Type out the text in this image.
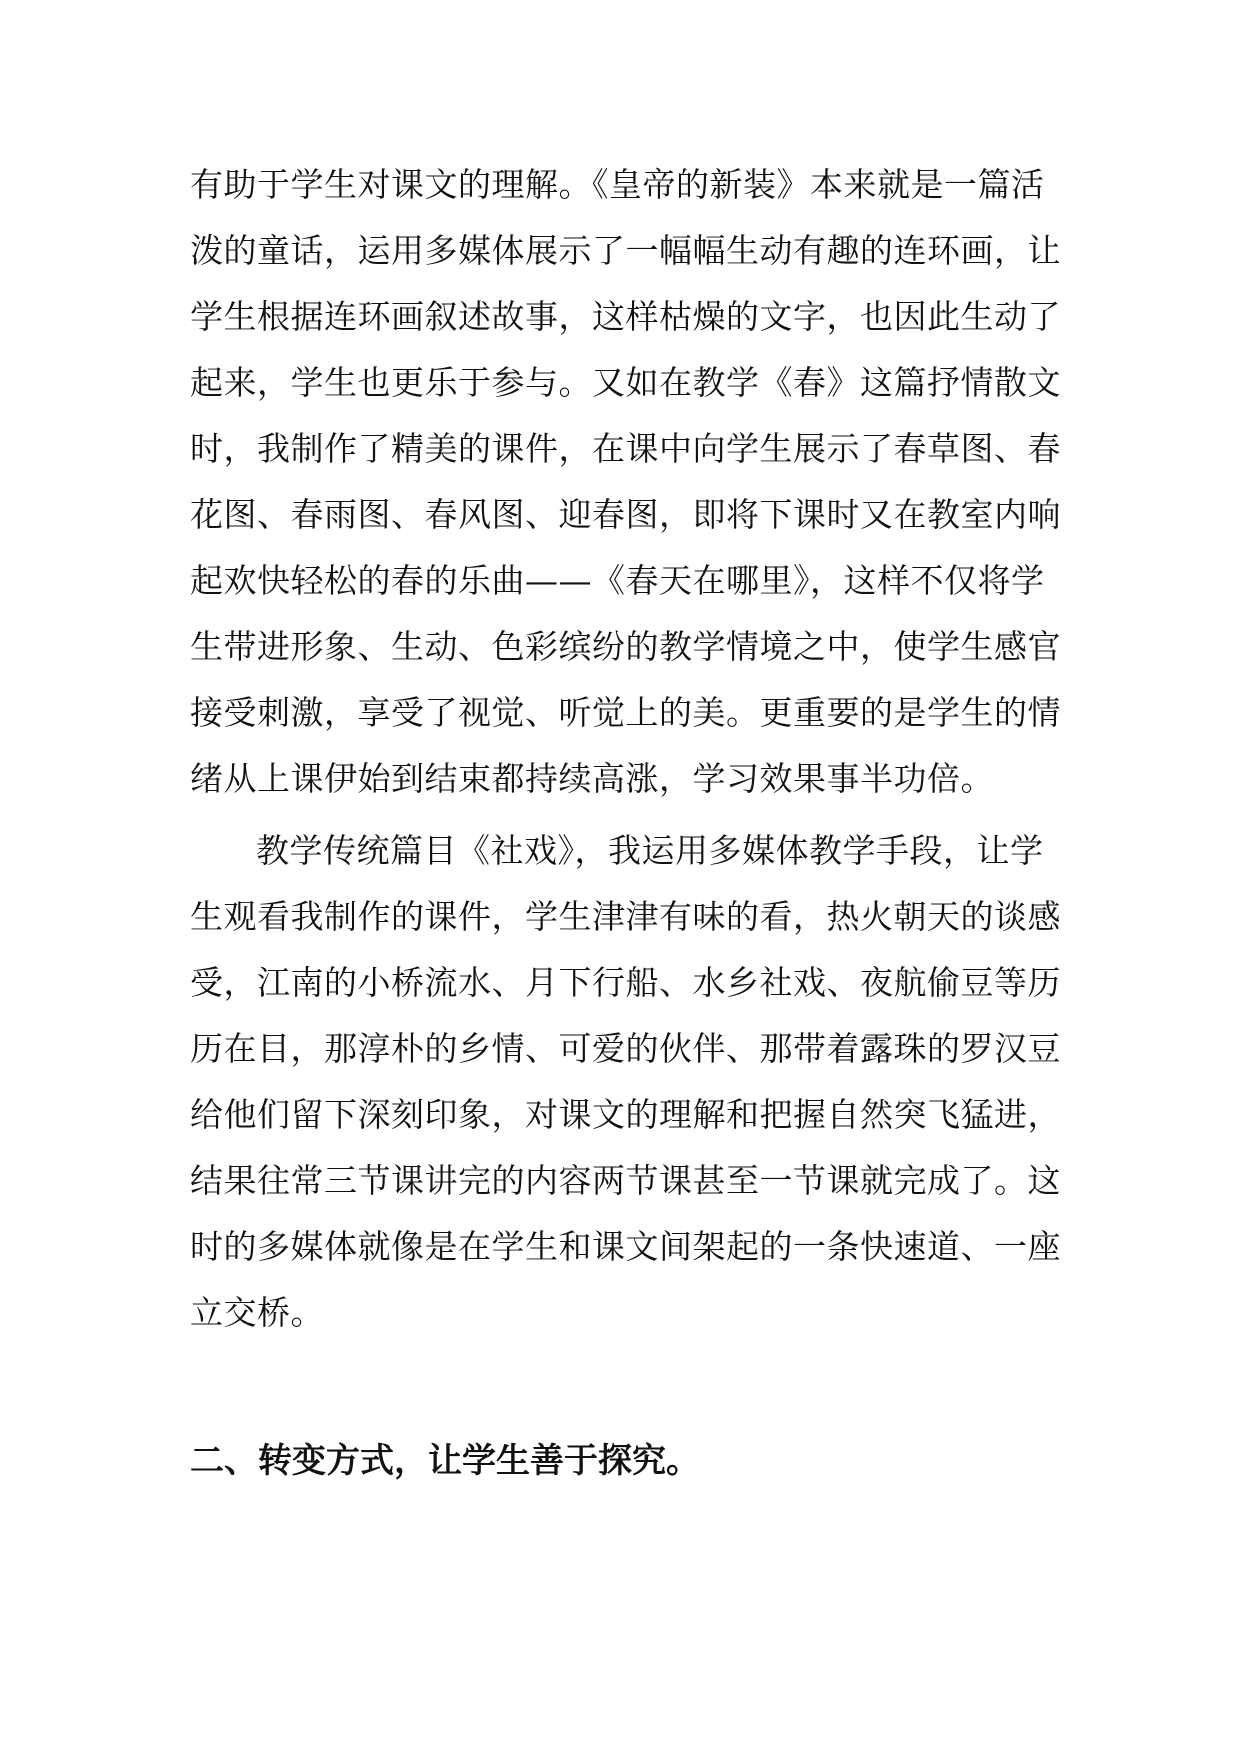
有助于学生对课文的理解。《皇帝的新装》本来就是一篇活
泼的童话，运用多媒体展示了一幅幅生动有趣的连环画，让
学生根据连环画叙述故事，这样枯燥的文字，也因此生动了
起来，学生也更乐于参与。又如在教学《春》这篇抒情散文
时，我制作了精美的课件，在课中向学生展示了春草图、春
花图、春雨图、春风图、迎春图，即将下课时又在教室内响
起欢快轻松的春的乐曲——《春天在哪里》，这样不仅将学
生带进形象、生动、色彩缤纷的教学情境之中，使学生感官
接受刺激，享受了视觉、听觉上的美。更重要的是学生的情
绪从上课伊始到结束都持续高涨，学习效果事半功倍。
教学传统篇目《社戏》，我运用多媒体教学手段，让学
生观看我制作的课件，学生津津有味的看，热火朝天的谈感
受，江南的小桥流水、月下行船、水乡社戏、夜航偷豆等历
历在目，那淳朴的乡情、可爱的伙伴、那带着露珠的罗汉豆
给他们留下深刻印象，对课文的理解和把握自然突飞猛进，
结果往常三节课讲完的内容两节课甚至一节课就完成了。这
时的多媒体就像是在学生和课文间架起的一条快速道、一座
立交桥。
二、转变方式，让学生善于探究。
